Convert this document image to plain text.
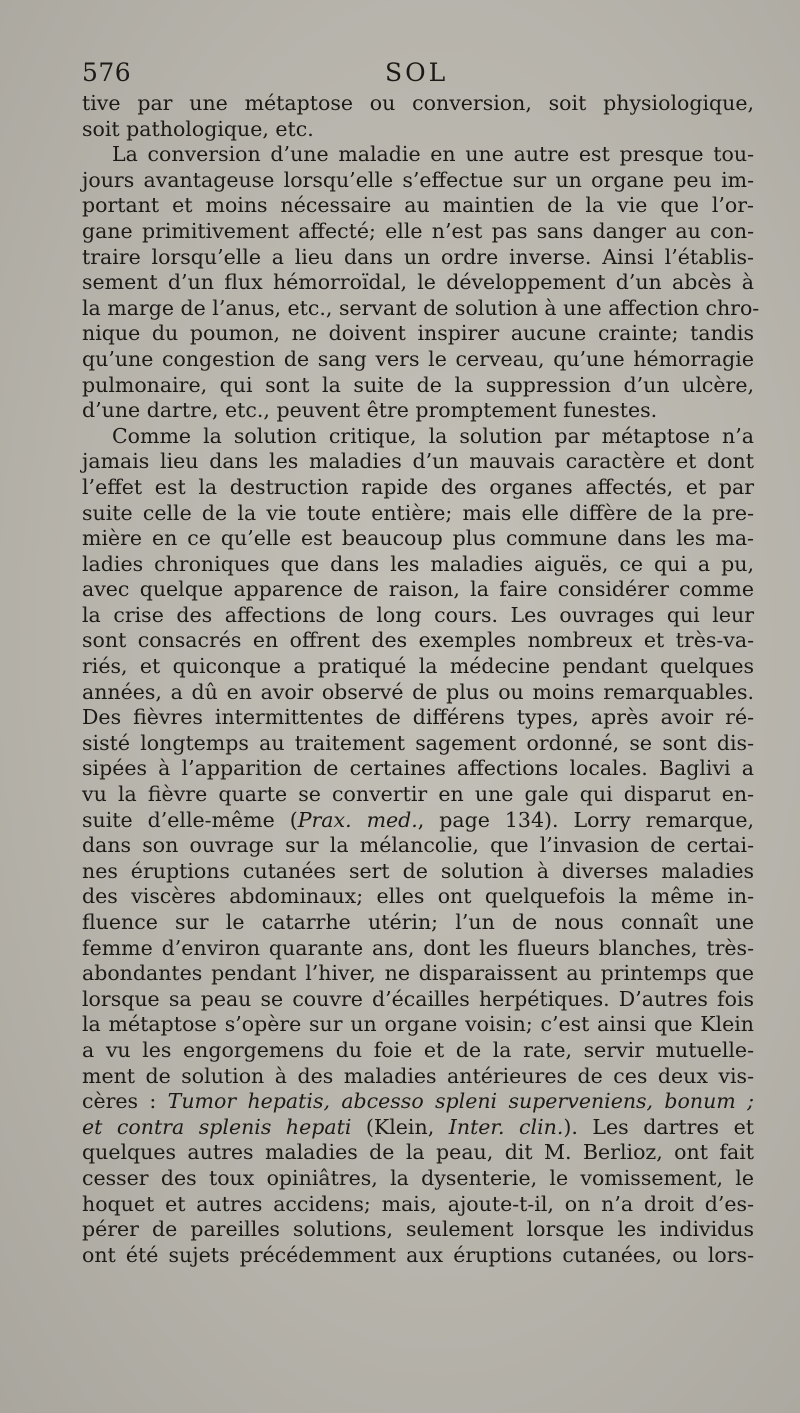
576	SOL
tive par une métaptose ou conversion, soit physiologique,
soit pathologique, etc.
La conversion d’une maladie en une autre est presque tou-
jours avantageuse lorsqu’elle s’effectue sur un organe peu im-
portant et moins nécessaire au maintien de la vie que l’or-
gane primitivement affecté; elle n’est pas sans danger au con-
traire lorsqu’elle a lieu dans un ordre inverse. Ainsi l’établis-
sement d’un flux hémorroïdal, le développement d’un abcès à
la marge de l’anus, etc., servant de solution à une affection chro-
nique du poumon, ne doivent inspirer aucune crainte; tandis
qu’une congestion de sang vers le cerveau, qu’une hémorragie
pulmonaire, qui sont la suite de la suppression d’un ulcère,
d’une dartre, etc., peuvent être promptement funestes.
Comme la solution critique, la solution par métaptose n’a
jamais lieu dans les maladies d’un mauvais caractère et dont
l’effet est la destruction rapide des organes affectés, et par
suite celle de la vie toute entière; mais elle diffère de la pre-
mière en ce qu’elle est beaucoup plus commune dans les ma-
ladies chroniques que dans les maladies aiguës, ce qui a pu,
avec quelque apparence de raison, la faire considérer comme
la crise des affections de long cours. Les ouvrages qui leur
sont consacrés en offrent des exemples nombreux et très-va-
riés, et quiconque a pratiqué la médecine pendant quelques
années, a dû en avoir observé de plus ou moins remarquables.
Des fièvres intermittentes de différens types, après avoir ré-
sisté longtemps au traitement sagement ordonné, se sont dis-
sipées à l’apparition de certaines affections locales. Baglivi a
vu la fièvre quarte se convertir en une gale qui disparut en-
suite d’elle-même (Prax. med., page 134). Lorry remarque,
dans son ouvrage sur la mélancolie, que l’invasion de certai-
nes éruptions cutanées sert de solution à diverses maladies
des viscères abdominaux; elles ont quelquefois la même in-
fluence sur le catarrhe utérin; l’un de nous connaît une
femme d’environ quarante ans, dont les flueurs blanches, très-
abondantes pendant l’hiver, ne disparaissent au printemps que
lorsque sa peau se couvre d’écailles herpétiques. D’autres fois
la métaptose s’opère sur un organe voisin; c’est ainsi que Klein
a vu les engorgemens du foie et de la rate, servir mutuelle-
ment de solution à des maladies antérieures de ces deux vis-
cères : Tumor hepatis, abcesso spleni superveniens, bonum ;
et contra splenis hepati (Klein, Inter. clin.). Les dartres et
quelques autres maladies de la peau, dit M. Berlioz, ont fait
cesser des toux opiniâtres, la dysenterie, le vomissement, le
hoquet et autres accidens; mais, ajoute-t-il, on n’a droit d’es-
pérer de pareilles solutions, seulement lorsque les individus
ont été sujets précédemment aux éruptions cutanées, ou lors-
